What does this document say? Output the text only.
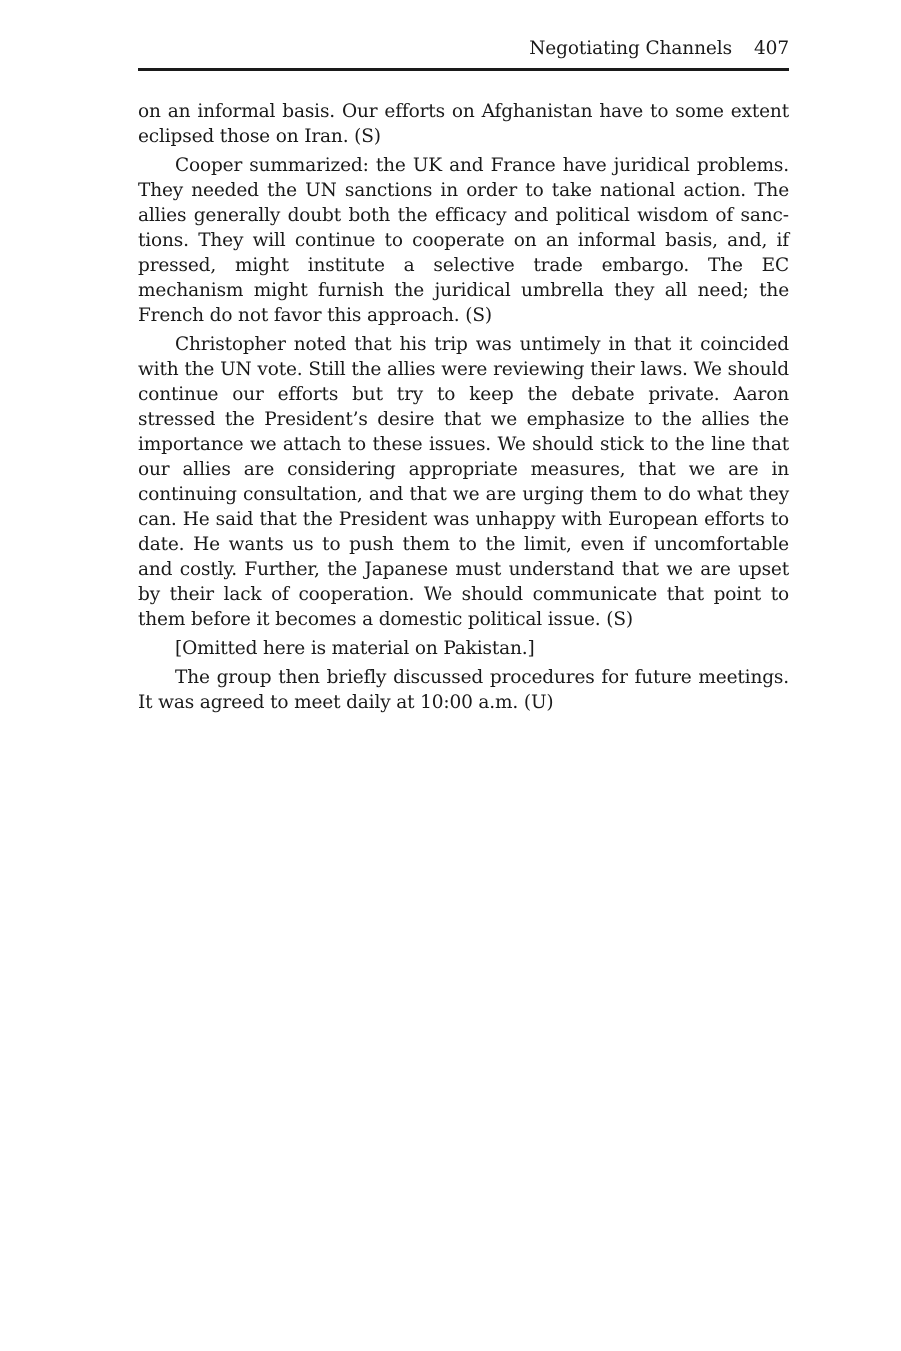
Negotiating Channels 407

on an informal basis. Our efforts on Afghanistan have to some extent eclipsed those on Iran. (S)

Cooper summarized: the UK and France have juridical problems. They needed the UN sanctions in order to take national action. The allies generally doubt both the efficacy and political wisdom of sanctions. They will continue to cooperate on an informal basis, and, if pressed, might institute a selective trade embargo. The EC mechanism might furnish the juridical umbrella they all need; the French do not favor this approach. (S)

Christopher noted that his trip was untimely in that it coincided with the UN vote. Still the allies were reviewing their laws. We should continue our efforts but try to keep the debate private. Aaron stressed the President’s desire that we emphasize to the allies the importance we attach to these issues. We should stick to the line that our allies are considering appropriate measures, that we are in continuing consultation, and that we are urging them to do what they can. He said that the President was unhappy with European efforts to date. He wants us to push them to the limit, even if uncomfortable and costly. Further, the Japanese must understand that we are upset by their lack of cooperation. We should communicate that point to them before it becomes a domestic political issue. (S)

[Omitted here is material on Pakistan.]

The group then briefly discussed procedures for future meetings. It was agreed to meet daily at 10:00 a.m. (U)
